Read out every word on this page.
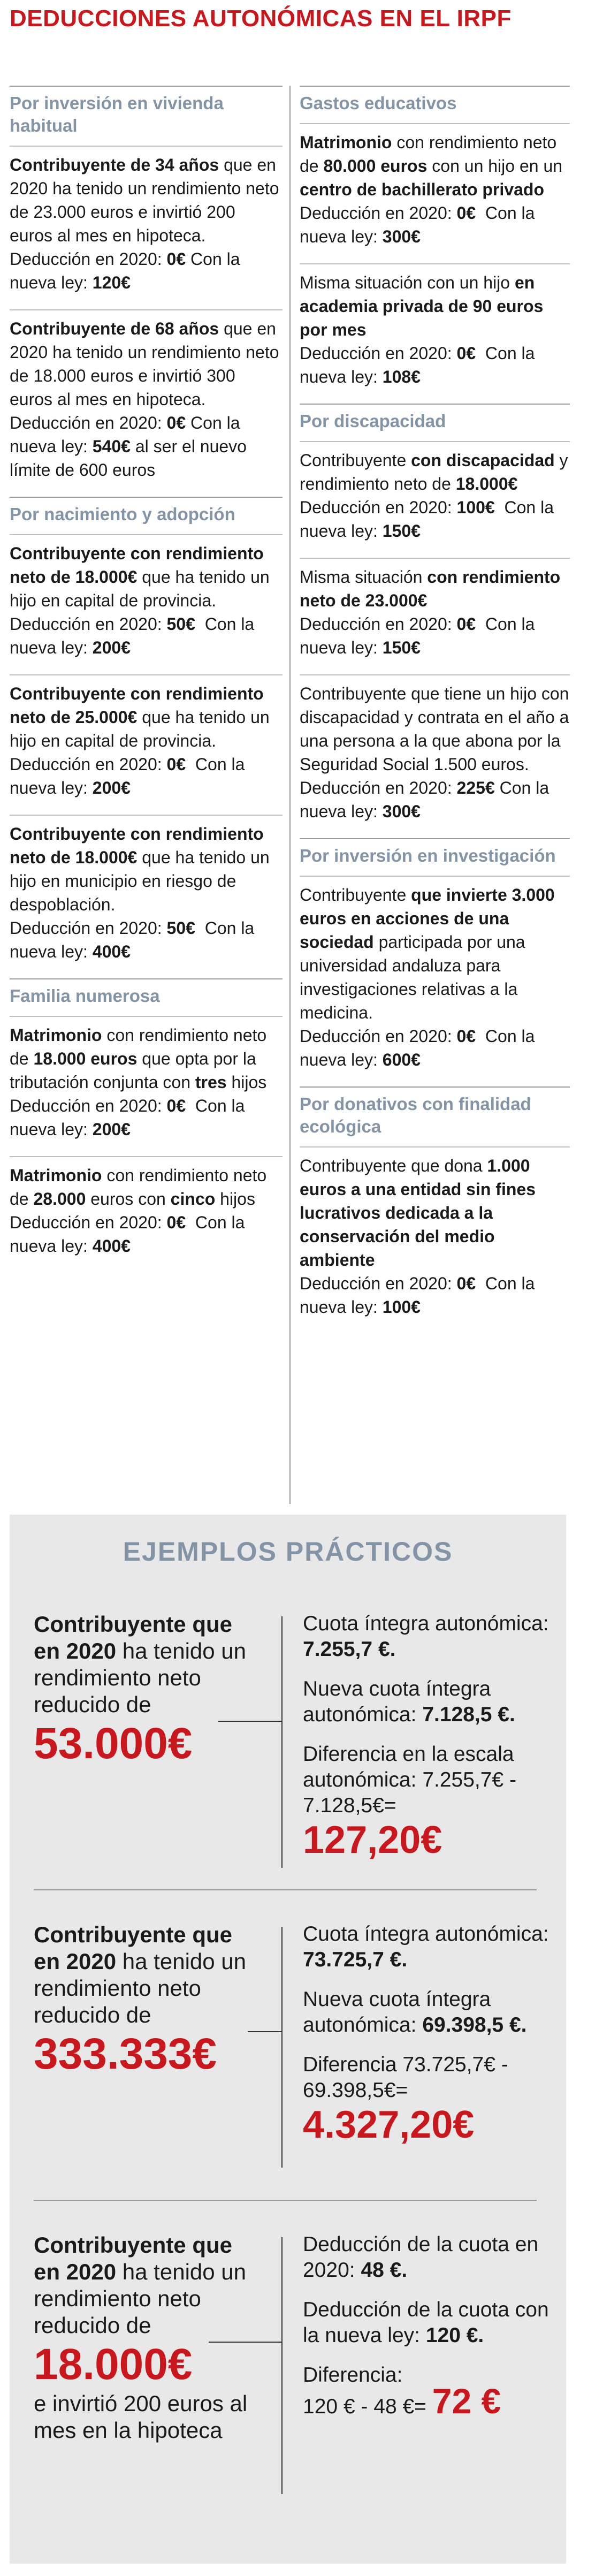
DEDUCCIONES AUTONÓMICAS EN EL IRPF
Por inversión en vivienda habitual
Contribuyente de 34 años que en 2020 ha tenido un rendimiento neto de 23.000 euros e invirtió 200 euros al mes en hipoteca.
Deducción en 2020: 0€ Con la nueva ley: 120€
Contribuyente de 68 años que en 2020 ha tenido un rendimiento neto de 18.000 euros e invirtió 300 euros al mes en hipoteca.
Deducción en 2020: 0€ Con la nueva ley: 540€ al ser el nuevo límite de 600 euros
Por nacimiento y adopción
Contribuyente con rendimiento neto de 18.000€ que ha tenido un hijo en capital de provincia.
Deducción en 2020: 50€  Con la nueva ley: 200€
Contribuyente con rendimiento neto de 25.000€ que ha tenido un hijo en capital de provincia.
Deducción en 2020: 0€  Con la nueva ley: 200€
Contribuyente con rendimiento neto de 18.000€ que ha tenido un hijo en municipio en riesgo de despoblación.
Deducción en 2020: 50€  Con la nueva ley: 400€
Familia numerosa
Matrimonio con rendimiento neto de 18.000 euros que opta por la tributación conjunta con tres hijos
Deducción en 2020: 0€  Con la nueva ley: 200€
Matrimonio con rendimiento neto de 28.000 euros con cinco hijos
Deducción en 2020: 0€  Con la nueva ley: 400€
Gastos educativos
Matrimonio con rendimiento neto de 80.000 euros con un hijo en un centro de bachillerato privado
Deducción en 2020: 0€  Con la nueva ley: 300€
Misma situación con un hijo en academia privada de 90 euros por mes
Deducción en 2020: 0€  Con la nueva ley: 108€
Por discapacidad
Contribuyente con discapacidad y rendimiento neto de 18.000€
Deducción en 2020: 100€  Con la nueva ley: 150€
Misma situación con rendimiento neto de 23.000€
Deducción en 2020: 0€  Con la nueva ley: 150€
Contribuyente que tiene un hijo con discapacidad y contrata en el año a una persona a la que abona por la Seguridad Social 1.500 euros.
Deducción en 2020: 225€ Con la nueva ley: 300€
Por inversión en investigación
Contribuyente que invierte 3.000 euros en acciones de una sociedad participada por una universidad andaluza para investigaciones relativas a la medicina.
Deducción en 2020: 0€  Con la nueva ley: 600€
Por donativos con finalidad ecológica
Contribuyente que dona 1.000 euros a una entidad sin fines lucrativos dedicada a la conservación del medio ambiente
Deducción en 2020: 0€  Con la nueva ley: 100€
EJEMPLOS PRÁCTICOS
Contribuyente que en 2020 ha tenido un rendimiento neto reducido de
53.000€

Cuota íntegra autonómica: 7.255,7 €.

Nueva cuota íntegra autonómica: 7.128,5 €.

Diferencia en la escala autonómica: 7.255,7€ - 7.128,5€=
127,20€

Contribuyente que en 2020 ha tenido un rendimiento neto reducido de
333.333€

Cuota íntegra autonómica: 73.725,7 €.

Nueva cuota íntegra autonómica: 69.398,5 €.

Diferencia 73.725,7€ - 69.398,5€=
4.327,20€

Contribuyente que en 2020 ha tenido un rendimiento neto reducido de
18.000€
e invirtió 200 euros al mes en la hipoteca

Deducción de la cuota en 2020: 48 €.

Deducción de la cuota con la nueva ley: 120 €.

Diferencia:
120 € - 48 €= 72 €
